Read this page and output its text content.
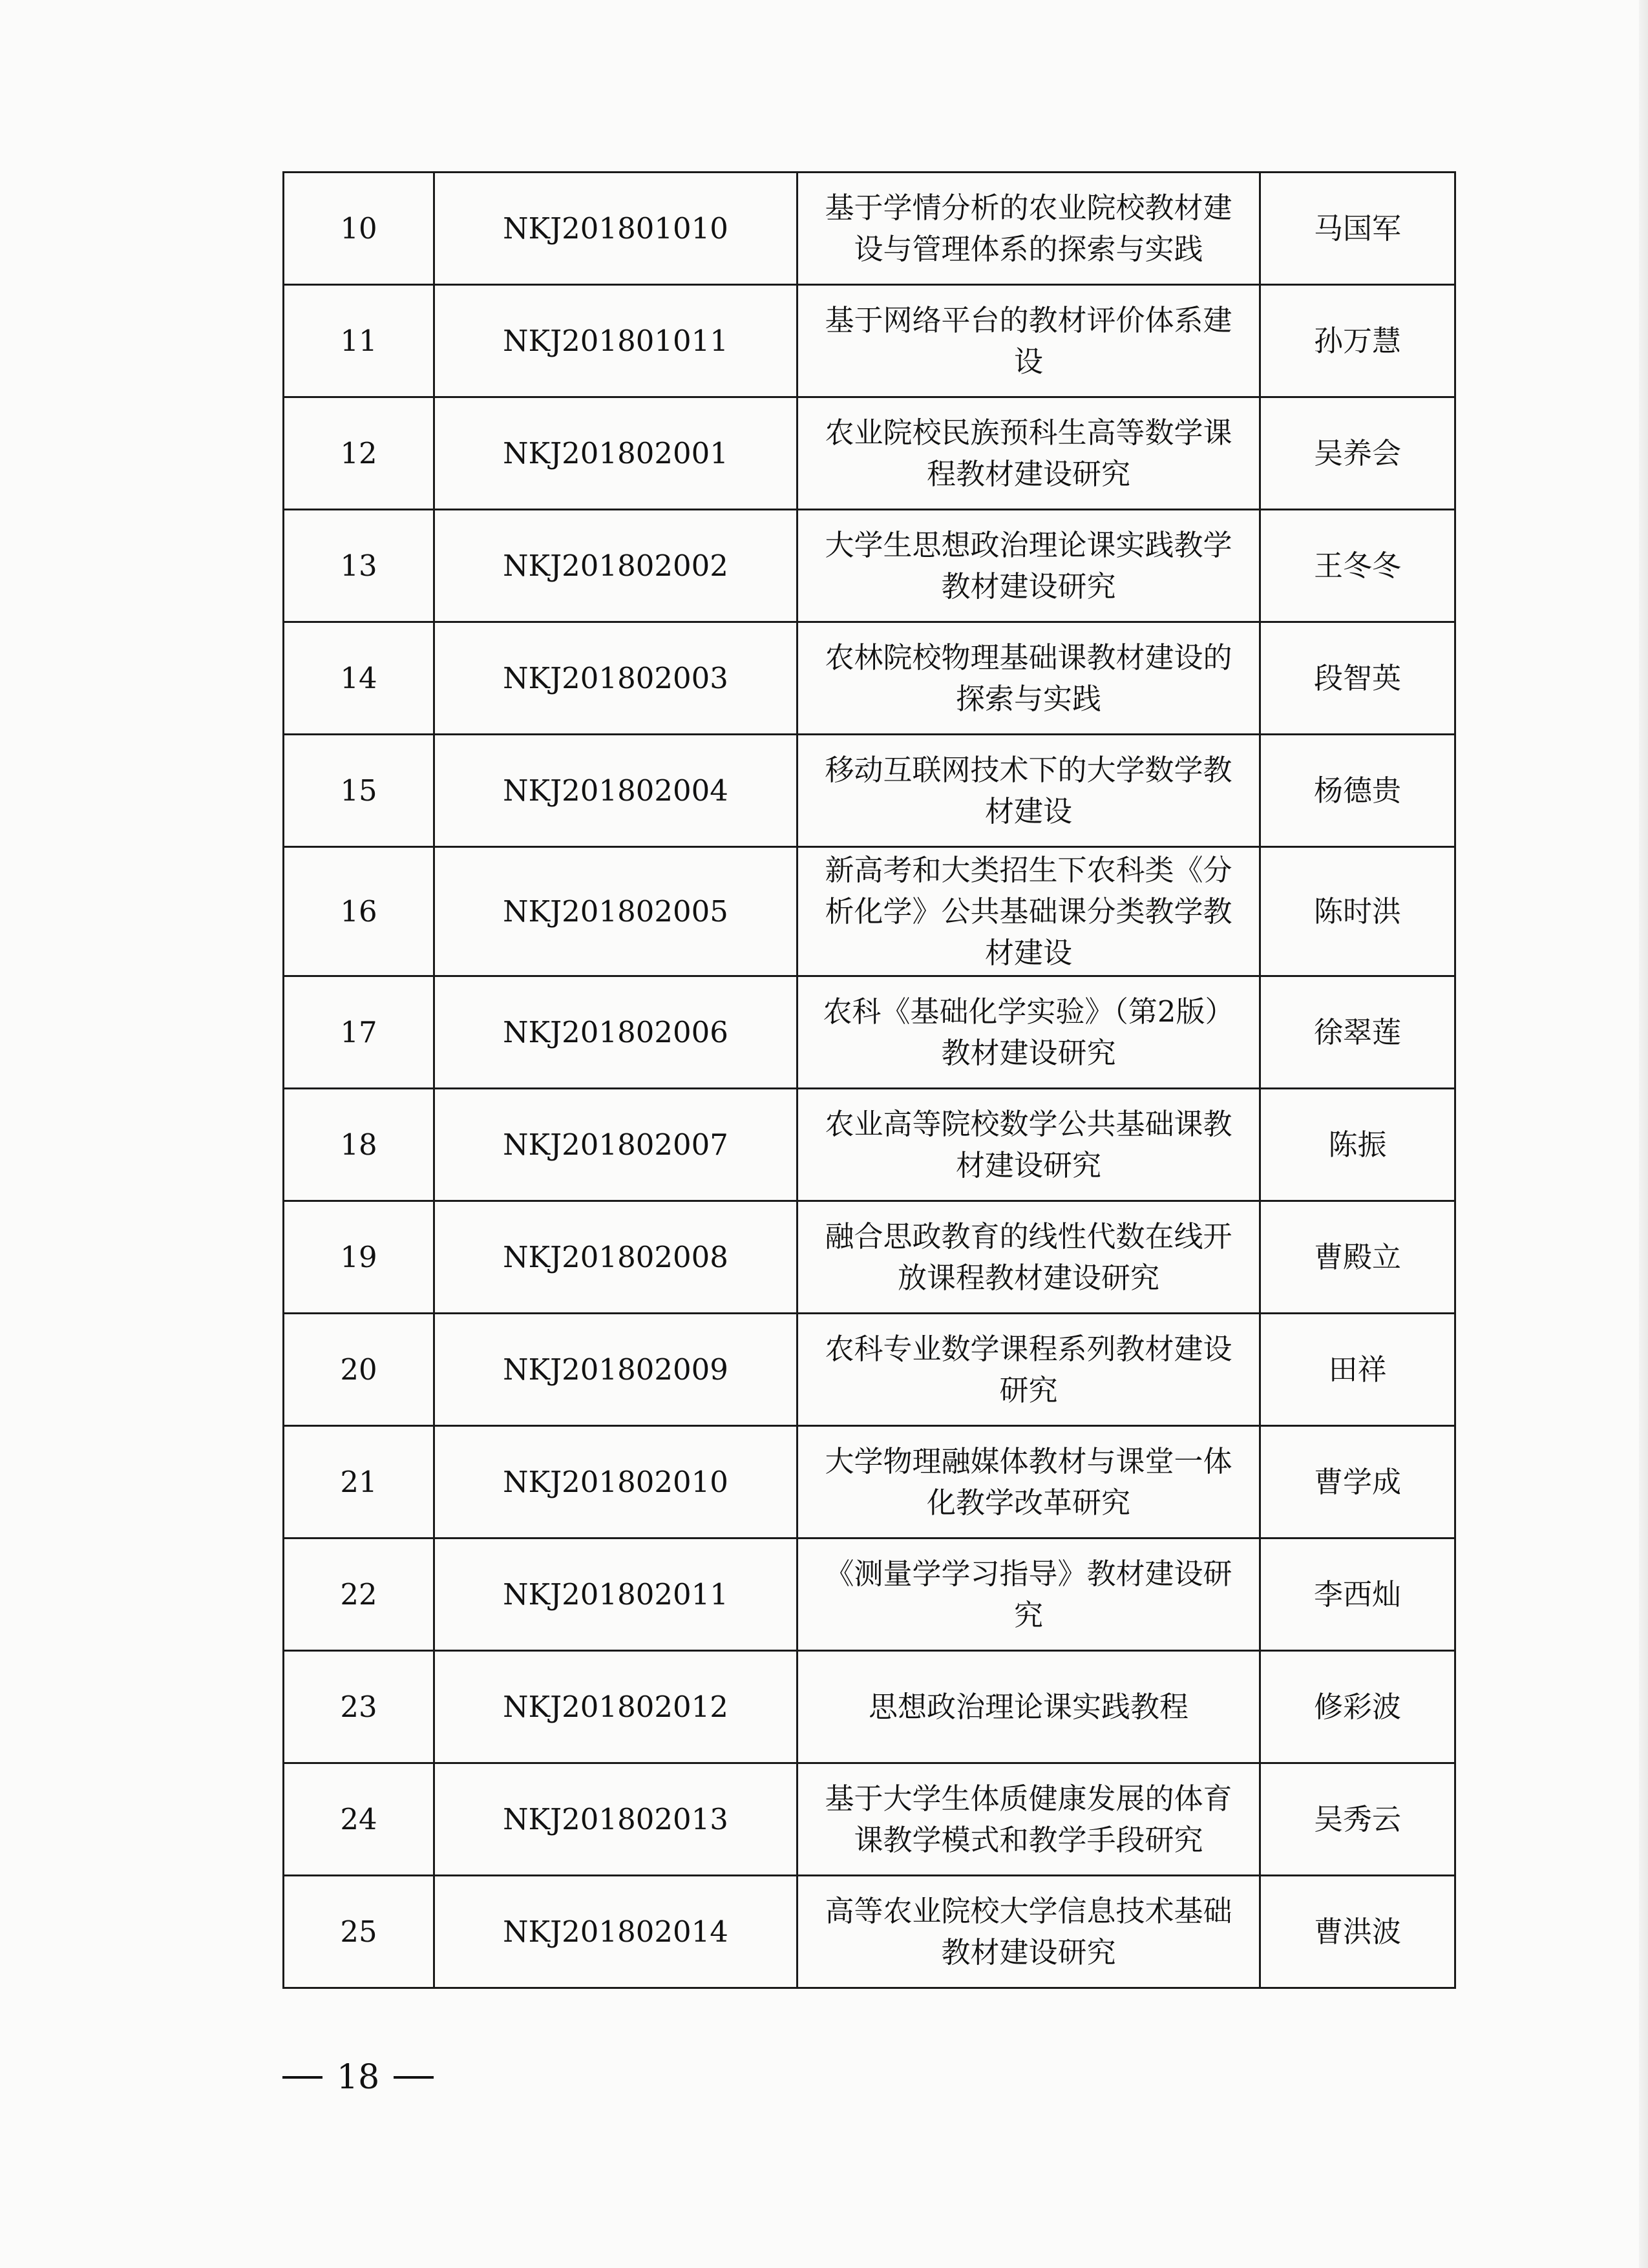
10	NKJ201801010	基于学情分析的农业院校教材建设与管理体系的探索与实践	马国军
11	NKJ201801011	基于网络平台的教材评价体系建设	孙万慧
12	NKJ201802001	农业院校民族预科生高等数学课程教材建设研究	吴养会
13	NKJ201802002	大学生思想政治理论课实践教学教材建设研究	王冬冬
14	NKJ201802003	农林院校物理基础课教材建设的探索与实践	段智英
15	NKJ201802004	移动互联网技术下的大学数学教材建设	杨德贵
16	NKJ201802005	新高考和大类招生下农科类《分析化学》公共基础课分类教学教材建设	陈时洪
17	NKJ201802006	农科《基础化学实验》（第2版）教材建设研究	徐翠莲
18	NKJ201802007	农业高等院校数学公共基础课教材建设研究	陈振
19	NKJ201802008	融合思政教育的线性代数在线开放课程教材建设研究	曹殿立
20	NKJ201802009	农科专业数学课程系列教材建设研究	田祥
21	NKJ201802010	大学物理融媒体教材与课堂一体化教学改革研究	曹学成
22	NKJ201802011	《测量学学习指导》教材建设研究	李西灿
23	NKJ201802012	思想政治理论课实践教程	修彩波
24	NKJ201802013	基于大学生体质健康发展的体育课教学模式和教学手段研究	吴秀云
25	NKJ201802014	高等农业院校大学信息技术基础教材建设研究	曹洪波
18
